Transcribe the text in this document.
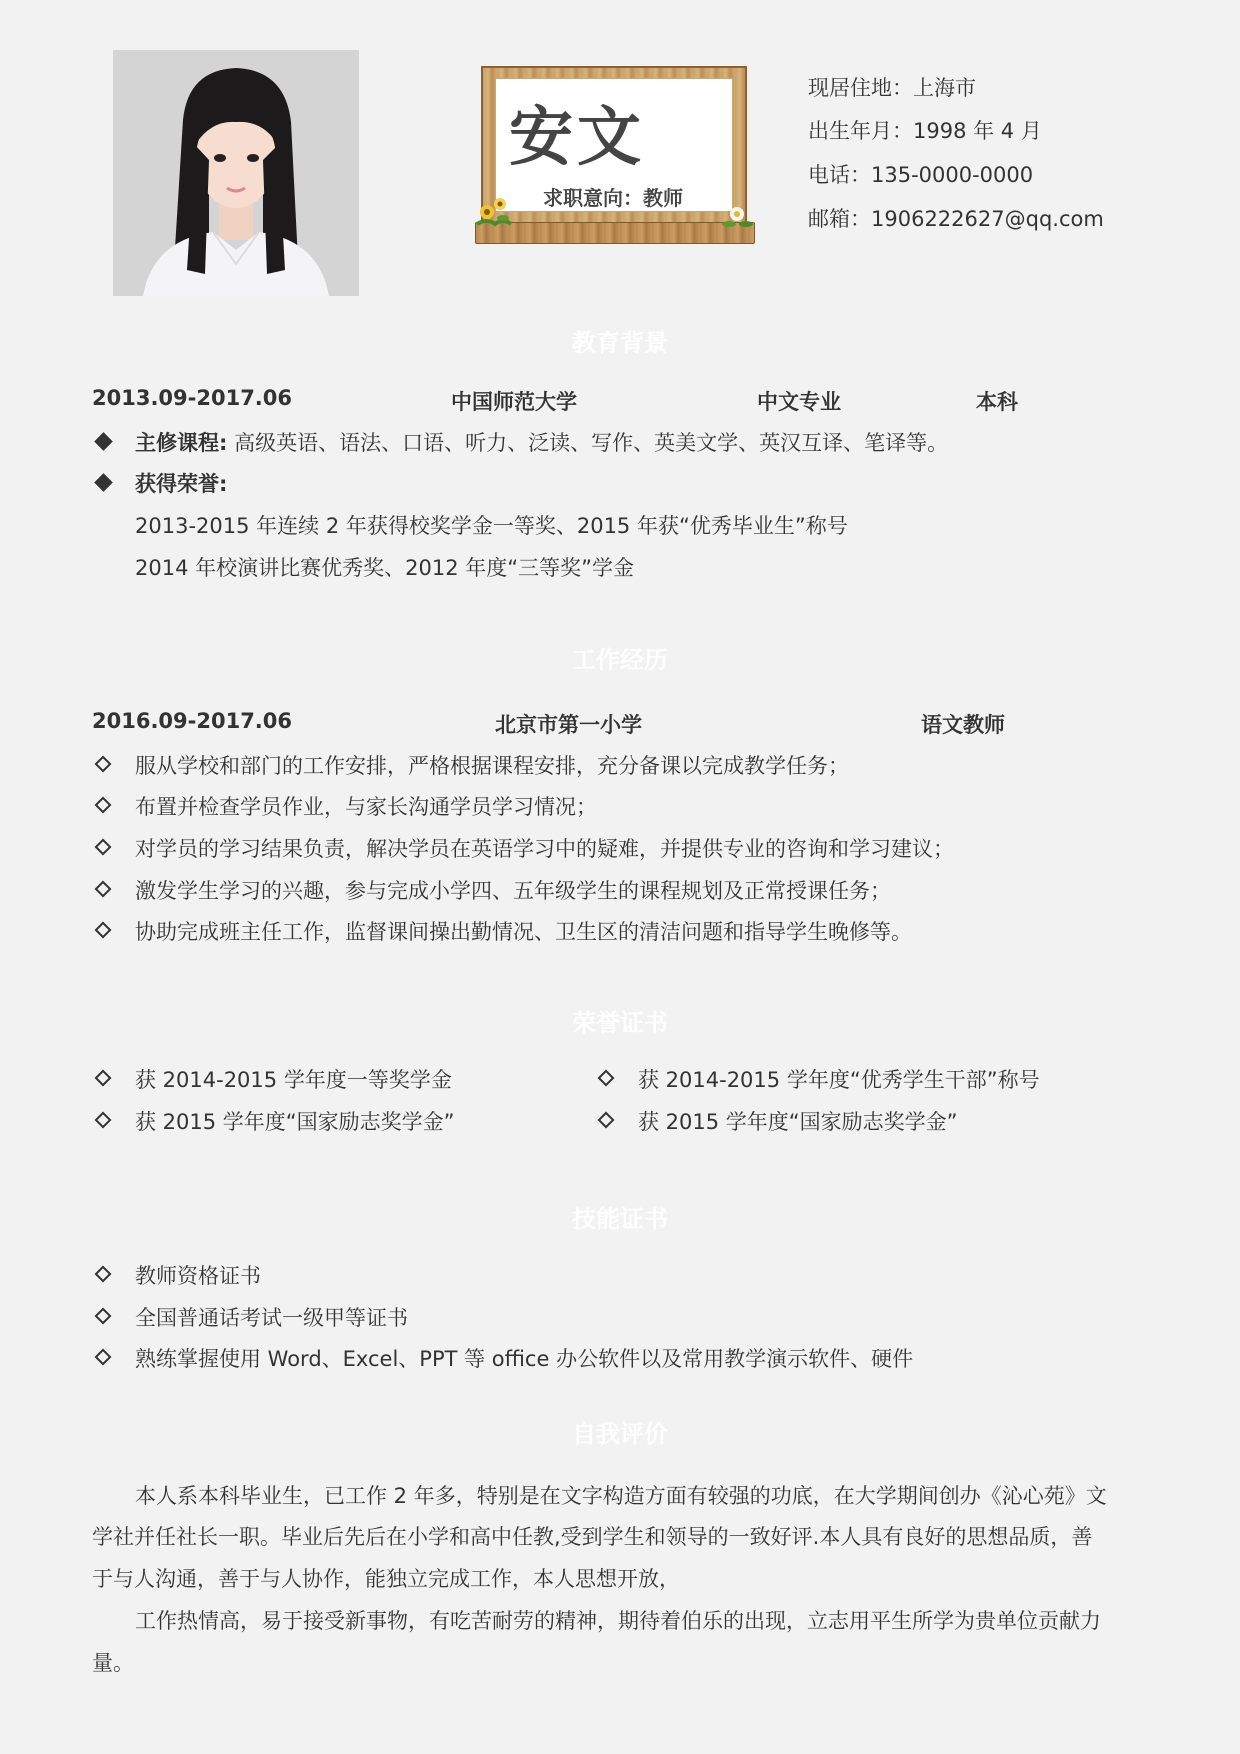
安文
求职意向：教师
现居住地：上海市
出生年月：1998 年 4 月
电话：135-0000-0000
邮箱：1906222627@qq.com
教育背景
2013.09-2017.06	中国师范大学	中文专业	本科
主修课程: 高级英语、语法、口语、听力、泛读、写作、英美文学、英汉互译、笔译等。
获得荣誉:
2013-2015 年连续 2 年获得校奖学金一等奖、2015 年获“优秀毕业生”称号
2014 年校演讲比赛优秀奖、2012 年度“三等奖”学金
工作经历
2016.09-2017.06	北京市第一小学	语文教师
服从学校和部门的工作安排，严格根据课程安排，充分备课以完成教学任务；
布置并检查学员作业，与家长沟通学员学习情况；
对学员的学习结果负责，解决学员在英语学习中的疑难，并提供专业的咨询和学习建议；
激发学生学习的兴趣，参与完成小学四、五年级学生的课程规划及正常授课任务；
协助完成班主任工作，监督课间操出勤情况、卫生区的清洁问题和指导学生晚修等。
荣誉证书
获 2014-2015 学年度一等奖学金	获 2014-2015 学年度“优秀学生干部”称号
获 2015 学年度“国家励志奖学金”	获 2015 学年度“国家励志奖学金”
技能证书
教师资格证书
全国普通话考试一级甲等证书
熟练掌握使用 Word、Excel、PPT 等 office 办公软件以及常用教学演示软件、硬件
自我评价
本人系本科毕业生，已工作 2 年多，特别是在文字构造方面有较强的功底，在大学期间创办《沁心苑》文
学社并任社长一职。毕业后先后在小学和高中任教,受到学生和领导的一致好评.本人具有良好的思想品质，善
于与人沟通，善于与人协作，能独立完成工作，本人思想开放，
工作热情高，易于接受新事物，有吃苦耐劳的精神，期待着伯乐的出现，立志用平生所学为贵单位贡献力
量。
